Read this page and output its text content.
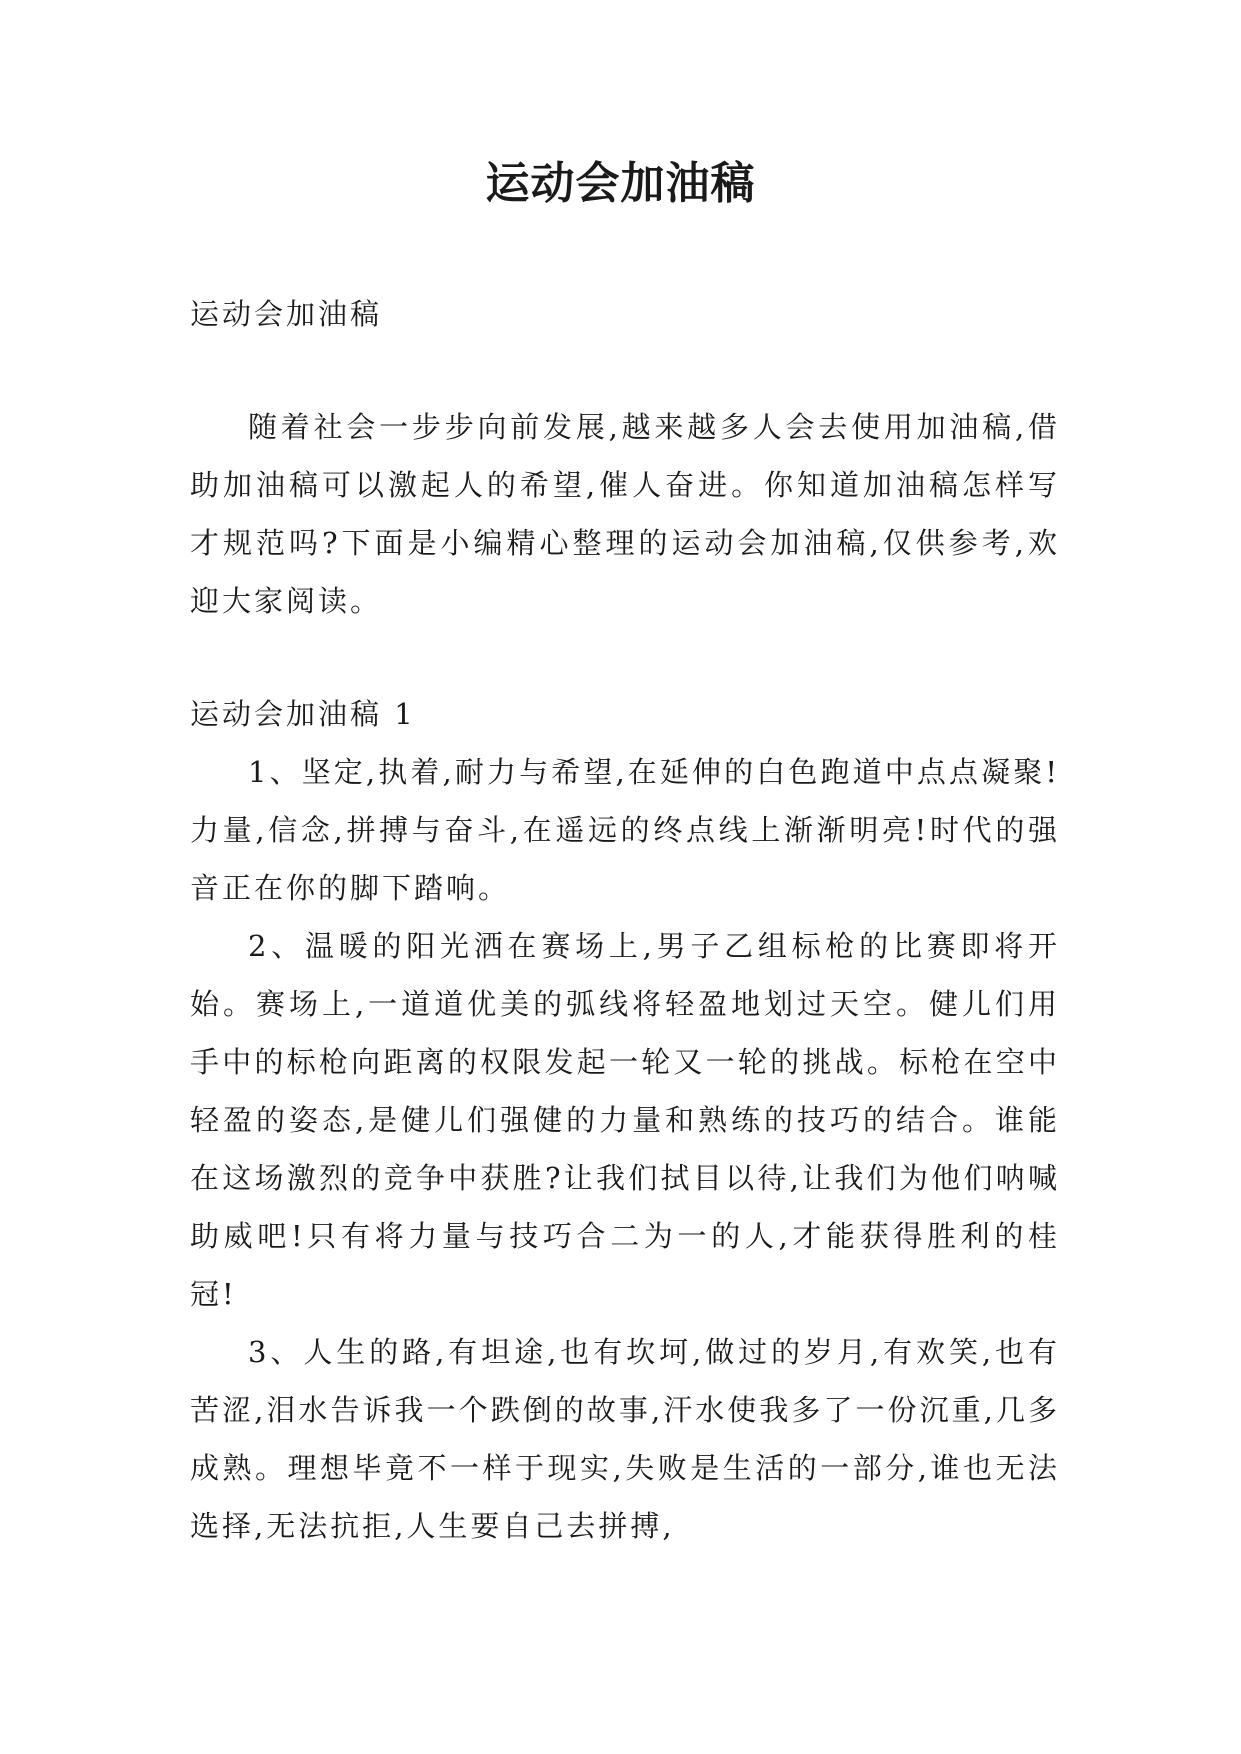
运动会加油稿

运动会加油稿

随着社会一步步向前发展,越来越多人会去使用加油稿,借助加油稿可以激起人的希望,催人奋进。你知道加油稿怎样写才规范吗?下面是小编精心整理的运动会加油稿,仅供参考,欢迎大家阅读。

运动会加油稿 1

1、坚定,执着,耐力与希望,在延伸的白色跑道中点点凝聚!力量,信念,拼搏与奋斗,在遥远的终点线上渐渐明亮!时代的强音正在你的脚下踏响。

2、温暖的阳光洒在赛场上,男子乙组标枪的比赛即将开始。赛场上,一道道优美的弧线将轻盈地划过天空。健儿们用手中的标枪向距离的权限发起一轮又一轮的挑战。标枪在空中轻盈的姿态,是健儿们强健的力量和熟练的技巧的结合。谁能在这场激烈的竞争中获胜?让我们拭目以待,让我们为他们呐喊助威吧!只有将力量与技巧合二为一的人,才能获得胜利的桂冠!

3、人生的路,有坦途,也有坎坷,做过的岁月,有欢笑,也有苦涩,泪水告诉我一个跌倒的故事,汗水使我多了一份沉重,几多成熟。理想毕竟不一样于现实,失败是生活的一部分,谁也无法选择,无法抗拒,人生要自己去拼搏,
